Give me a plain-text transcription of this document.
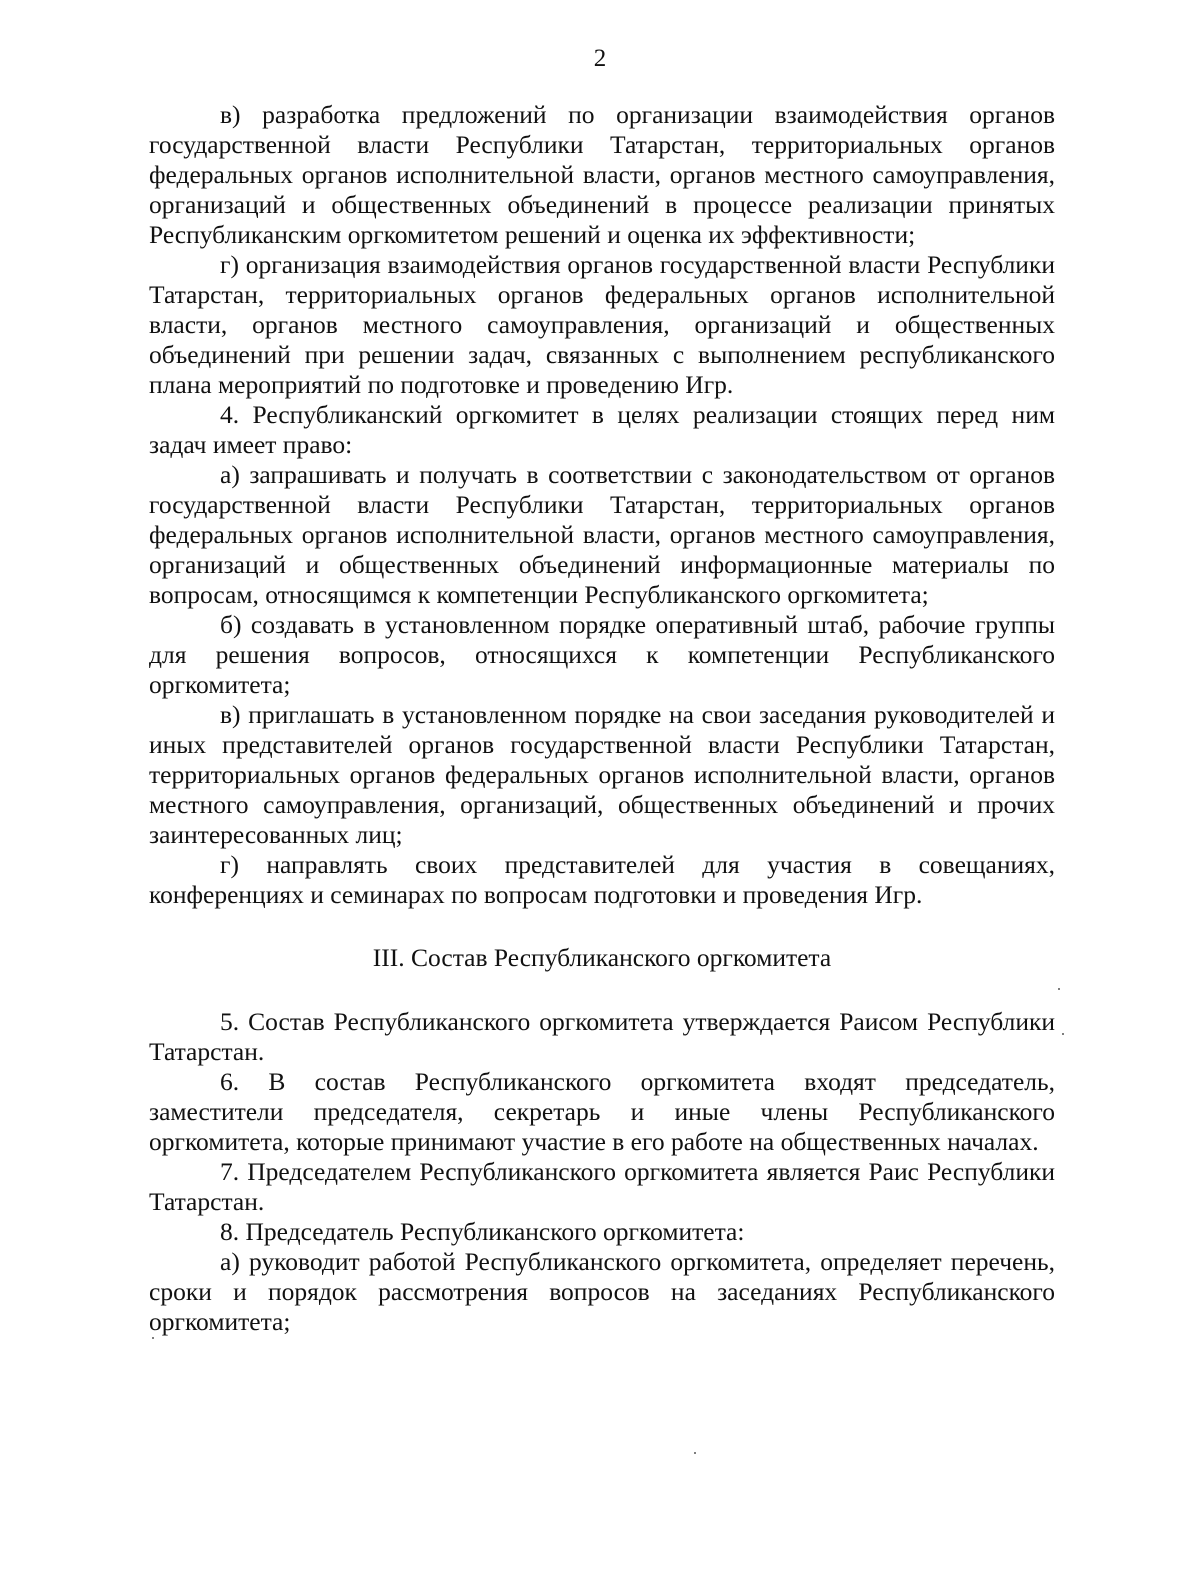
2

в) разработка предложений по организации взаимодействия органов государственной власти Республики Татарстан, территориальных органов федеральных органов исполнительной власти, органов местного самоуправления, организаций и общественных объединений в процессе реализации принятых Республиканским оргкомитетом решений и оценка их эффективности;

г) организация взаимодействия органов государственной власти Республики Татарстан, территориальных органов федеральных органов исполнительной власти, органов местного самоуправления, организаций и общественных объединений при решении задач, связанных с выполнением республиканского плана мероприятий по подготовке и проведению Игр.

4. Республиканский оргкомитет в целях реализации стоящих перед ним задач имеет право:

а) запрашивать и получать в соответствии с законодательством от органов государственной власти Республики Татарстан, территориальных органов федеральных органов исполнительной власти, органов местного самоуправления, организаций и общественных объединений информационные материалы по вопросам, относящимся к компетенции Республиканского оргкомитета;

б) создавать в установленном порядке оперативный штаб, рабочие группы для решения вопросов, относящихся к компетенции Республиканского оргкомитета;

в) приглашать в установленном порядке на свои заседания руководителей и иных представителей органов государственной власти Республики Татарстан, территориальных органов федеральных органов исполнительной власти, органов местного самоуправления, организаций, общественных объединений и прочих заинтересованных лиц;

г) направлять своих представителей для участия в совещаниях, конференциях и семинарах по вопросам подготовки и проведения Игр.

III. Состав Республиканского оргкомитета

5. Состав Республиканского оргкомитета утверждается Раисом Республики Татарстан.

6. В состав Республиканского оргкомитета входят председатель, заместители председателя, секретарь и иные члены Республиканского оргкомитета, которые принимают участие в его работе на общественных началах.

7. Председателем Республиканского оргкомитета является Раис Республики Татарстан.

8. Председатель Республиканского оргкомитета:

а) руководит работой Республиканского оргкомитета, определяет перечень, сроки и порядок рассмотрения вопросов на заседаниях Республиканского оргкомитета;
